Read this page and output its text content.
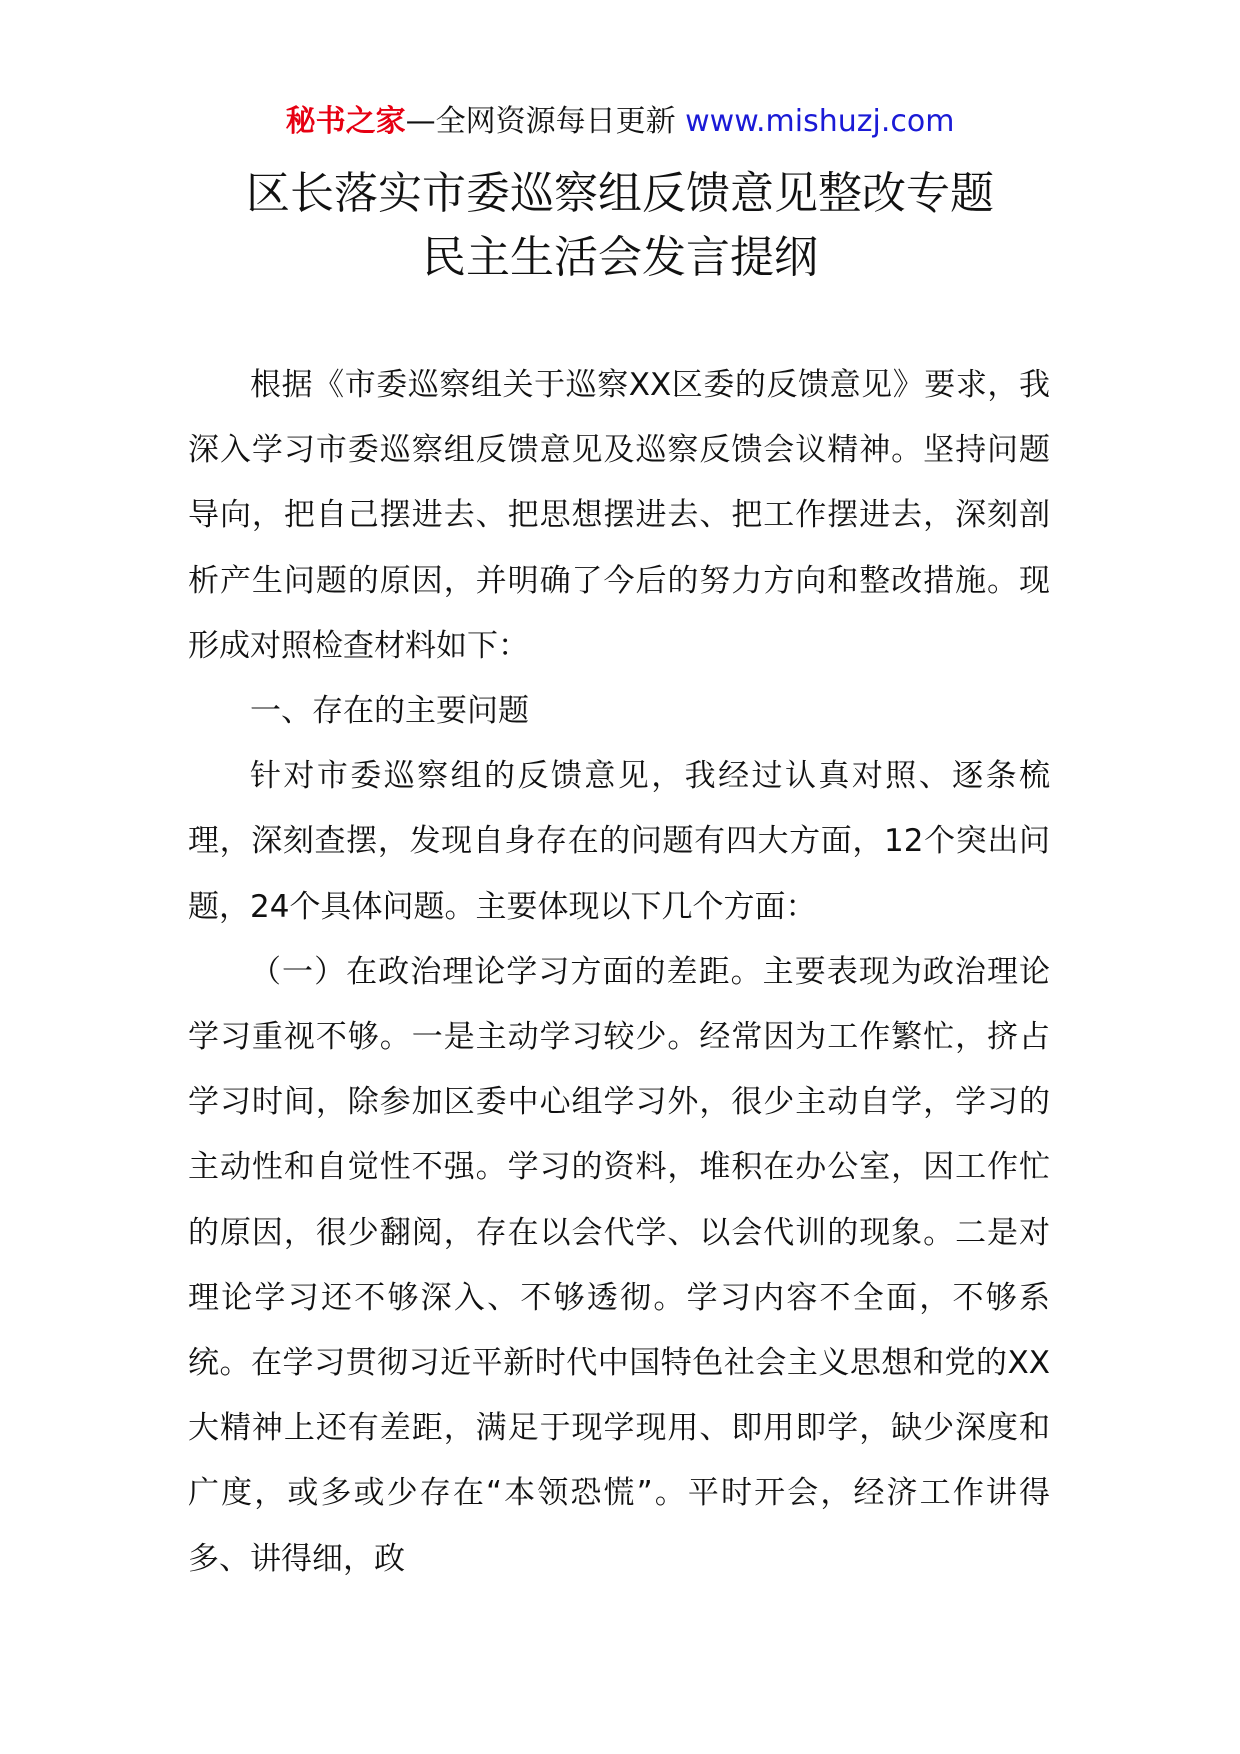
秘书之家—全网资源每日更新 www.mishuzj.com
区长落实市委巡察组反馈意见整改专题
民主生活会发言提纲

根据《市委巡察组关于巡察XX区委的反馈意见》要求，我深入学习市委巡察组反馈意见及巡察反馈会议精神。坚持问题导向，把自己摆进去、把思想摆进去、把工作摆进去，深刻剖析产生问题的原因，并明确了今后的努力方向和整改措施。现形成对照检查材料如下：

一、存在的主要问题

针对市委巡察组的反馈意见，我经过认真对照、逐条梳理，深刻查摆，发现自身存在的问题有四大方面，12个突出问题，24个具体问题。主要体现以下几个方面：

（一）在政治理论学习方面的差距。主要表现为政治理论学习重视不够。一是主动学习较少。经常因为工作繁忙，挤占学习时间，除参加区委中心组学习外，很少主动自学，学习的主动性和自觉性不强。学习的资料，堆积在办公室，因工作忙的原因，很少翻阅，存在以会代学、以会代训的现象。二是对理论学习还不够深入、不够透彻。学习内容不全面，不够系统。在学习贯彻习近平新时代中国特色社会主义思想和党的XX大精神上还有差距，满足于现学现用、即用即学，缺少深度和广度，或多或少存在“本领恐慌”。平时开会，经济工作讲得多、讲得细，政
